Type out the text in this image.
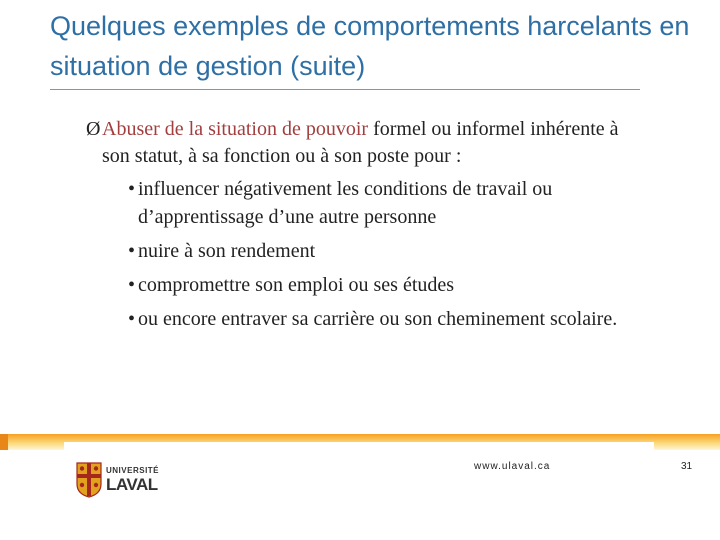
Quelques exemples de comportements harcelants en situation de gestion (suite)
Ø Abuser de la situation de pouvoir formel ou informel inhérente à son statut, à sa fonction ou à son poste pour :
• influencer négativement les conditions de travail ou d’apprentissage d’une autre personne
• nuire à son rendement
• compromettre son emploi ou ses études
• ou encore entraver sa carrière ou son cheminement scolaire.
UNIVERSITÉ
LAVAL
www.ulaval.ca	31
